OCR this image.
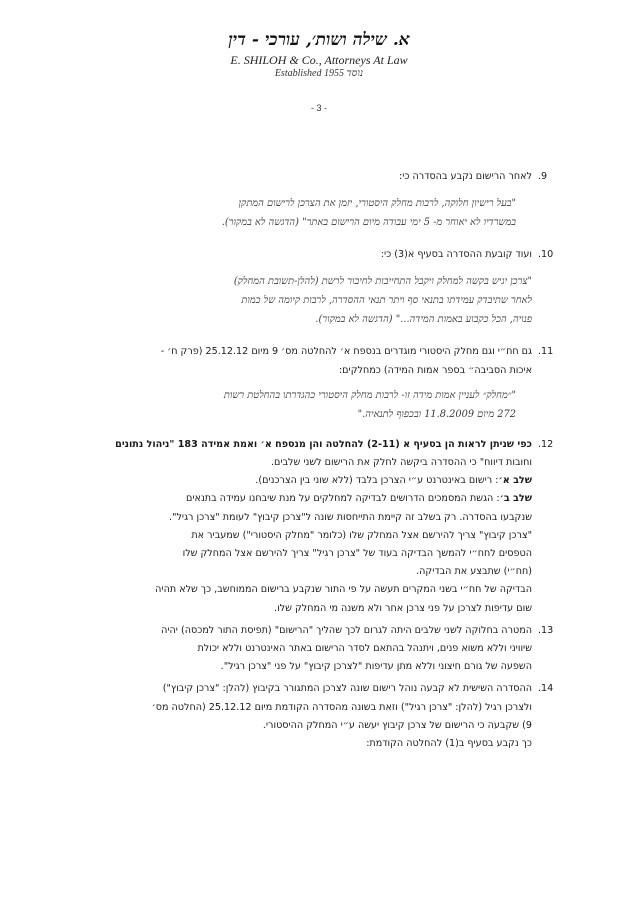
א. שילה ושות׳, עורכי - דין
E. SHILOH & Co., Attorneys At Law
Established 1955 נוסד
- 3 -
.9
לאחר הרישום נקבע בהסדרה כי:
"בעל רישיון חלוקה, לרבות מחלק היסטורי, יזמן את הצרכן לרישום המתקן
במשרדיו לא יאוחר מ- 5 ימי עבודה מיום הרישום באתר" (הדגשה לא במקור).
.10
ועוד קובעת ההסדרה בסעיף א(3) כי:
"צרכן יגיש בקשה למחלק ויקבל התחייבות לחיבור לרשת (להלן-תשובת המחלק)
לאחר שתיבדק עמידתו בתנאי סף ויתר תנאי ההסדרה, לרבות קיומה של כמות
פנויה, הכל כקבוע באמות המידה..." (הדגשה לא במקור).
.11
גם חח״י וגם מחלק היסטורי מוגדרים בנספח א׳ להחלטה מס׳ 9 מיום 25.12.12 (פרק ח׳ -
איכות הסביבה״ בספר אמות המידה) כמחלקים:
"״מחלק״ לעניין אמות מידה זו- לרבות מחלק היסטורי כהגדרתו בהחלטת רשות
272 מיום 11.8.2009 ובכפוף לתנאיה."
.12
כפי שניתן לראות הן בסעיף א (2-11) להחלטה והן מנספח א׳ ואמת אמידה 183 "ניהול נתונים
וחובות דיווח" כי ההסדרה ביקשה לחלק את הרישום לשני שלבים.
שלב א׳: רישום באינטרנט ע״י הצרכן בלבד (ללא שוני בין הצרכנים).
שלב ב׳: הגשת המסמכים הדרושים לבדיקה למחלקים על מנת שיבחנו עמידה בתנאים
שנקבעו בהסדרה. רק בשלב זה קיימת התייחסות שונה ל"צרכן קיבוץ" לעומת "צרכן רגיל".
"צרכן קיבוץ" צריך להירשם אצל המחלק שלו (כלומר "מחלק היסטורי") שמעביר את
הטפסים לחח״י להמשך הבדיקה בעוד של "צרכן רגיל" צריך להירשם אצל המחלק שלו
(חח״י) שתבצע את הבדיקה.
הבדיקה של חח״י בשני המקרים תעשה על פי התור שנקבע ברישום הממוחשב, כך שלא תהיה
שום עדיפות לצרכן על פני צרכן אחר ולא משנה מי המחלק שלו.
.13
המטרה בחלוקה לשני שלבים היתה לגרום לכך שהליך "הרישום" (תפיסת התור למכסה) יהיה
שיוויני וללא משוא פנים, ויתנהל בהתאם לסדר הרישום באתר האינטרנט וללא יכולת
השפעה של גורם חיצוני וללא מתן עדיפות "לצרכן קיבוץ" על פני "צרכן רגיל".
.14
ההסדרה השישית לא קבעה נוהל רישום שונה לצרכן המתגורר בקיבוץ (להלן: "צרכן קיבוץ")
ולצרכן רגיל (להלן: "צרכן רגיל") וזאת בשונה מהסדרה הקודמת מיום 25.12.12 (החלטה מס׳
9) שקבעה כי הרישום של צרכן קיבוץ יעשה ע״י המחלק ההיסטורי.
כך נקבע בסעיף ב(1) להחלטה הקודמת:
